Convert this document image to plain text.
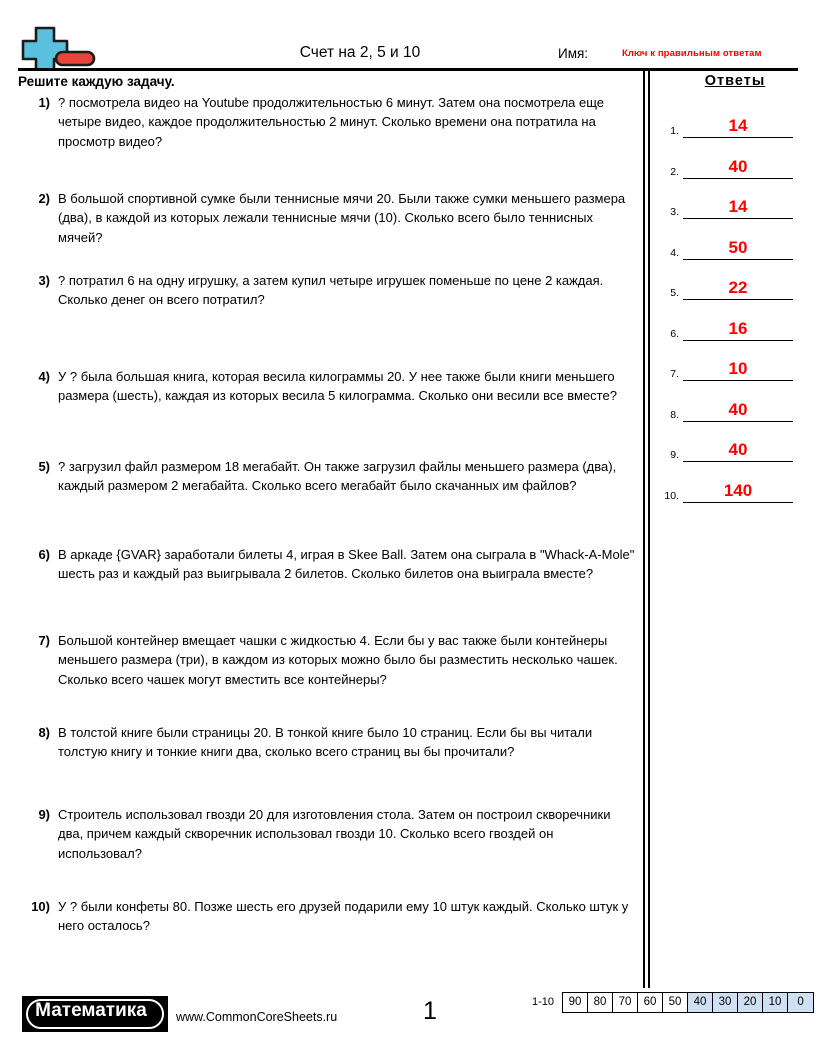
Счет на 2, 5 и 10	Имя:	Ключ к правильным ответам
Решите каждую задачу.
1) ? посмотрела видео на Youtube продолжительностью 6 минут. Затем она посмотрела еще четыре видео, каждое продолжительностью 2 минут. Сколько времени она потратила на просмотр видео?
2) В большой спортивной сумке были теннисные мячи 20. Были также сумки меньшего размера (два), в каждой из которых лежали теннисные мячи (10). Сколько всего было теннисных мячей?
3) ? потратил 6 на одну игрушку, а затем купил четыре игрушек поменьше по цене 2 каждая. Сколько денег он всего потратил?
4) У ? была большая книга, которая весила килограммы 20. У нее также были книги меньшего размера (шесть), каждая из которых весила 5 килограмма. Сколько они весили все вместе?
5) ? загрузил файл размером 18 мегабайт. Он также загрузил файлы меньшего размера (два), каждый размером 2 мегабайта. Сколько всего мегабайт было скачанных им файлов?
6) В аркаде {GVAR} заработали билеты 4, играя в Skee Ball. Затем она сыграла в "Whack-A-Mole" шесть раз и каждый раз выигрывала 2 билетов. Сколько билетов она выиграла вместе?
7) Большой контейнер вмещает чашки с жидкостью 4. Если бы у вас также были контейнеры меньшего размера (три), в каждом из которых можно было бы разместить несколько чашек. Сколько всего чашек могут вместить все контейнеры?
8) В толстой книге были страницы 20. В тонкой книге было 10 страниц. Если бы вы читали толстую книгу и тонкие книги два, сколько всего страниц вы бы прочитали?
9) Строитель использовал гвозди 20 для изготовления стола. Затем он построил скворечники два, причем каждый скворечник использовал гвозди 10. Сколько всего гвоздей он использовал?
10) У ? были конфеты 80. Позже шесть его друзей подарили ему 10 штук каждый. Сколько штук у него осталось?
Ответы
1.	14
2.	40
3.	14
4.	50
5.	22
6.	16
7.	10
8.	40
9.	40
10.	140
Математика	www.CommonCoreSheets.ru	1	1-10	90	80	70	60	50	40	30	20	10	0
